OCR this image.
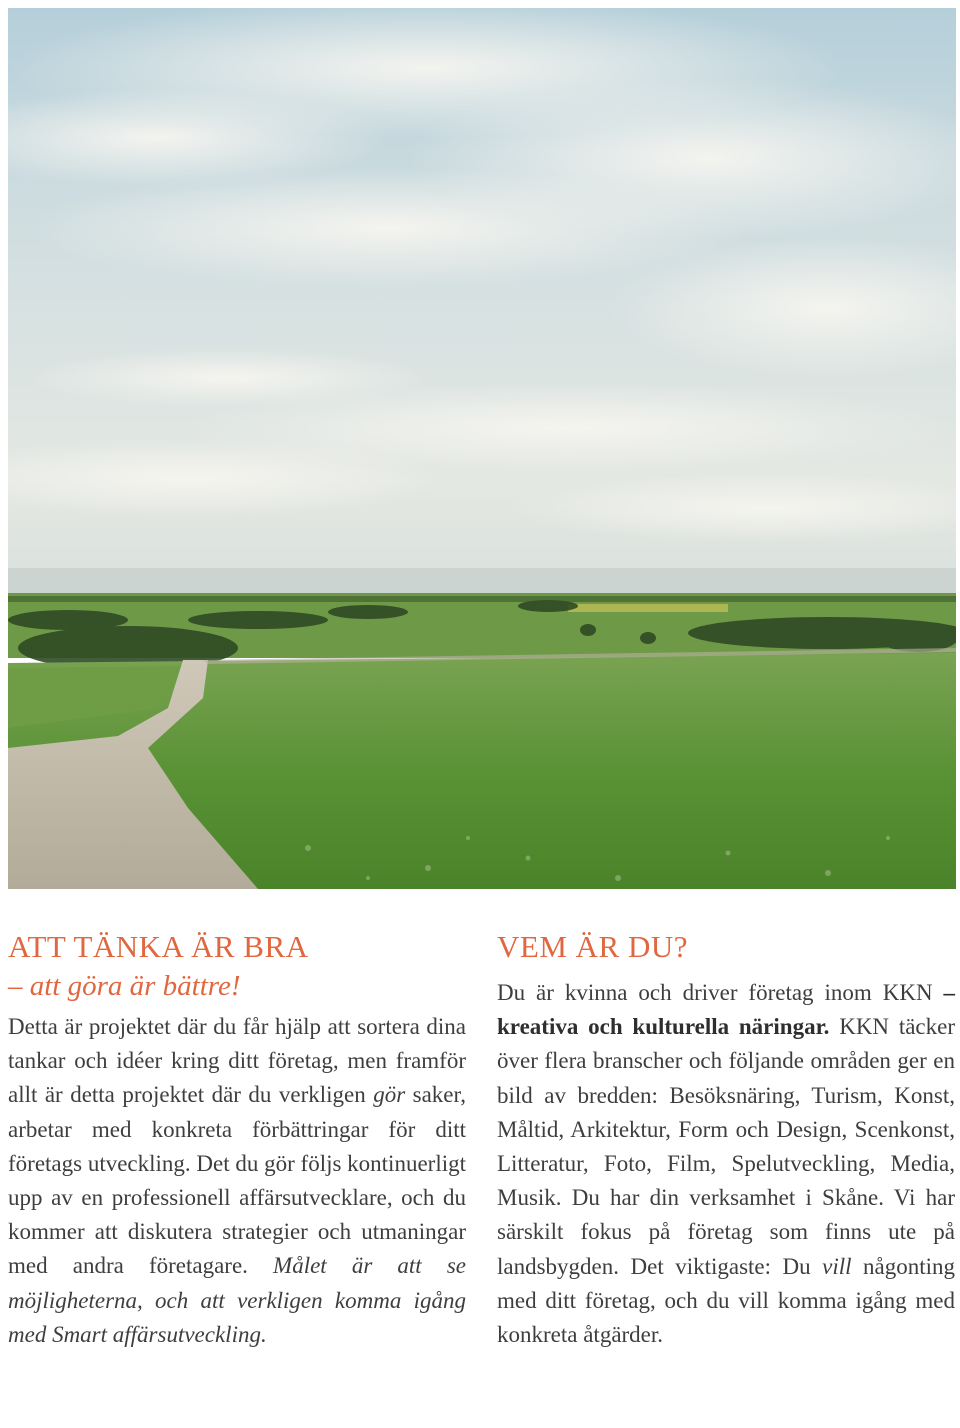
ATT TÄNKA ÄR BRA
– att göra är bättre!

Detta är projektet där du får hjälp att sortera dina tankar och idéer kring ditt företag, men framför allt är detta projektet där du verkligen gör saker, arbetar med konkreta förbättringar för ditt företags utveckling. Det du gör följs kontinuerligt upp av en professionell affärsutvecklare, och du kommer att diskutera strategier och utmaningar med andra företagare. Målet är att se möjligheterna, och att verkligen komma igång med Smart affärsutveckling.

VEM ÄR DU?

Du är kvinna och driver företag inom KKN – kreativa och kulturella näringar. KKN täcker över flera branscher och följande områden ger en bild av bredden: Besöksnäring, Turism, Konst, Måltid, Arkitektur, Form och Design, Scenkonst, Litteratur, Foto, Film, Spelutveckling, Media, Musik. Du har din verksamhet i Skåne. Vi har särskilt fokus på företag som finns ute på landsbygden. Det viktigaste: Du vill någonting med ditt företag, och du vill komma igång med konkreta åtgärder.
